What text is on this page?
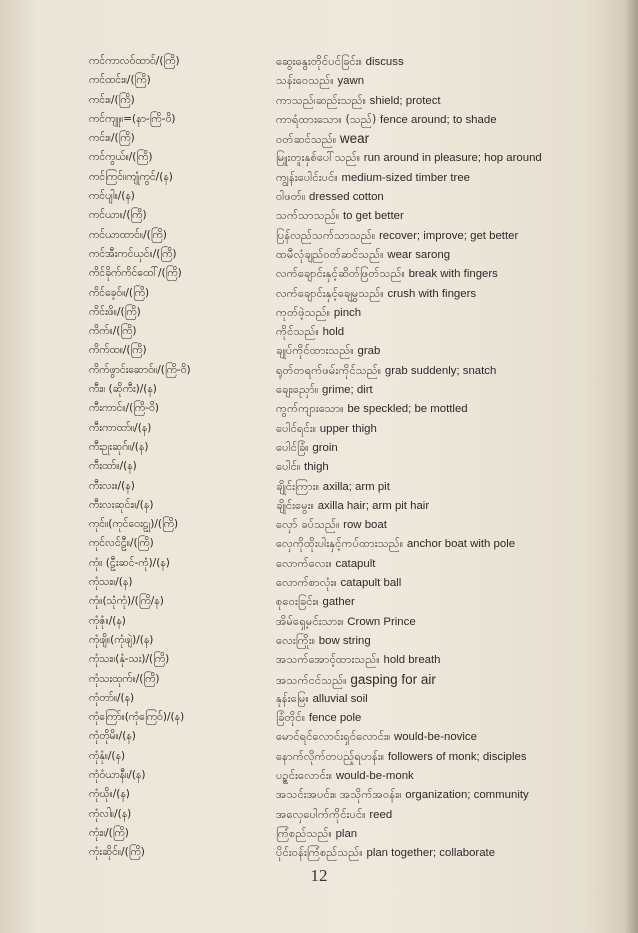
ကင်ကာလဝ်ထာဝ်/(ကြိ)	ဆွေးနွေးတိုင်ပင်ခြင်း။ discuss
ကင်ထင်း။/(ကြိ)	သန်းဝေသည်။ yawn
ကင်း။/(ကြိ)	ကာသည်၊ဆည်းသည်။ shield; protect
ကင်ကျူ။=(နာ-ကြိ-ဝိ)	ကာရံထားသော။ (သည်) fence around; to shade
ကင်း။/(ကြိ)	ဝတ်ဆင်သည်။ wear
ကင်ကွယ်။/(ကြိ)	မြူးတူးနှစ်ပေါ်သည်။ run around in pleasure; hop around
ကင်ကြင်။ကျုံကွင်/(န)	ကျွန်းပေါင်းပင်။ medium-sized timber tree
ကင်ပျါ။/(န)	ဝါဖတ်။ dressed cotton
ကင်ယာ။/(ကြိ)	သက်သာသည်။ to get better
ကင်ယာထာင်။/(ကြိ)	ပြန်လည်သက်သာသည်။ recover; improve; get better
ကင်အီးကင်ယှင်။/(ကြိ)	ထမီလုံချည်ဝတ်ဆင်သည်။ wear sarong
ကိင်ခိုက်ကိင်ထေါ်/(ကြိ)	လက်ချောင်းနှင့်ဆိတ်ဖြတ်သည်။ break with fingers
ကိင်ခေ့ဝ်။/(ကြိ)	လက်ချောင်းနှင့်ချေမွှသည်။ crush with fingers
ကိင်းဖိ။/(ကြိ)	ကုတ်ဖဲ့သည်။ pinch
ကိက်။/(ကြိ)	ကိုင်သည်။ hold
ကိက်ထ။/(ကြိ)	ချုပ်ကိုင်ထားသည်။ grab
ကိက်ဖွာင်းဆောဝ်။/(ကြိ-ဝိ)	ရုတ်တရက်ဖမ်းကိုင်သည်။ grab suddenly; snatch
ကီး။ (ဆိုကီး)/(န)	ချေးညှော်။ grime; dirt
ကီးကာင်။/(ကြိ-ဝိ)	ကွက်ကျားသော။ be speckled; be mottled
ကီးကာထာ်။/(န)	ပေါင်ရင်း။ upper thigh
ကီးဥုးဆုဂ်။/(န)	ပေါင်ခြံ။ groin
ကီးထာ်။/(န)	ပေါင်။ thigh
ကီးလး။/(န)	ချိုင်းကြား။ axilla; arm pit
ကီးလးဆုင်း။/(န)	ချိုင်းမွေး။ axilla hair; arm pit hair
ကုင်။(ကုင်ဝေးဠု)/(ကြိ)	လှော် ခပ်သည်။ row boat
ကုင်လင်ဠီ။/(ကြိ)	လှေကိုထိုးပါးနှင့်ကပ်ထားသည်။ anchor boat with pole
ကုံ။ (ဠီးဆင်-ကုံ)/(န)	လောက်လေး။ catapult
ကုံသး။/(န)	လောက်စာလုံး။ catapult ball
ကုံ။(သုံကုံ)/(ကြိ/န)	စုဝေးခြင်း။ gather
ကုံဇုံ။/(န)	အိမ်ရှေ့မင်းသား။ Crown Prince
ကုံဖျိ။(ကုံဖျဲ)/(န)	လေးကြိုး။ bow string
ကုံသး။(နုံ-သး)/(ကြိ)	အသက်အောင့်ထားသည်။ hold breath
ကုံသးထုက်။/(ကြိ)	အသက်ငင်သည်။ gasping for air
ကုံတာ်။/(န)	နုန်းမြေ။ alluvial soil
ကုံကြော်။(ကုံကြေဝ်)/(န)	ခြံတိုင်။ fence pole
ကုံတိုမိ။/(န)	မောင်ရင်လောင်းရှင်လောင်း။ would-be-novice
ကုံနုံ။/(န)	နောက်လိုက်တပည့်ရဟန်း။ followers of monk; disciples
ကုံဝံယာနီ။/(န)	ပဉ္စင်းလောင်း။ would-be-monk
ကုံဃို။/(န)	အသင်းအပင်း။ အသိုက်အဝန်း။ organization; community
ကုံလါ။/(န)	အလှေပေါက်ကိုင်းပင်။ reed
ကုံး။/(ကြိ)	ကြံစည်သည်။ plan
ကုံးဆိုင်။/(ကြိ)	ပိုင်းဝန်းကြံစည်သည်။ plan together; collaborate
12
